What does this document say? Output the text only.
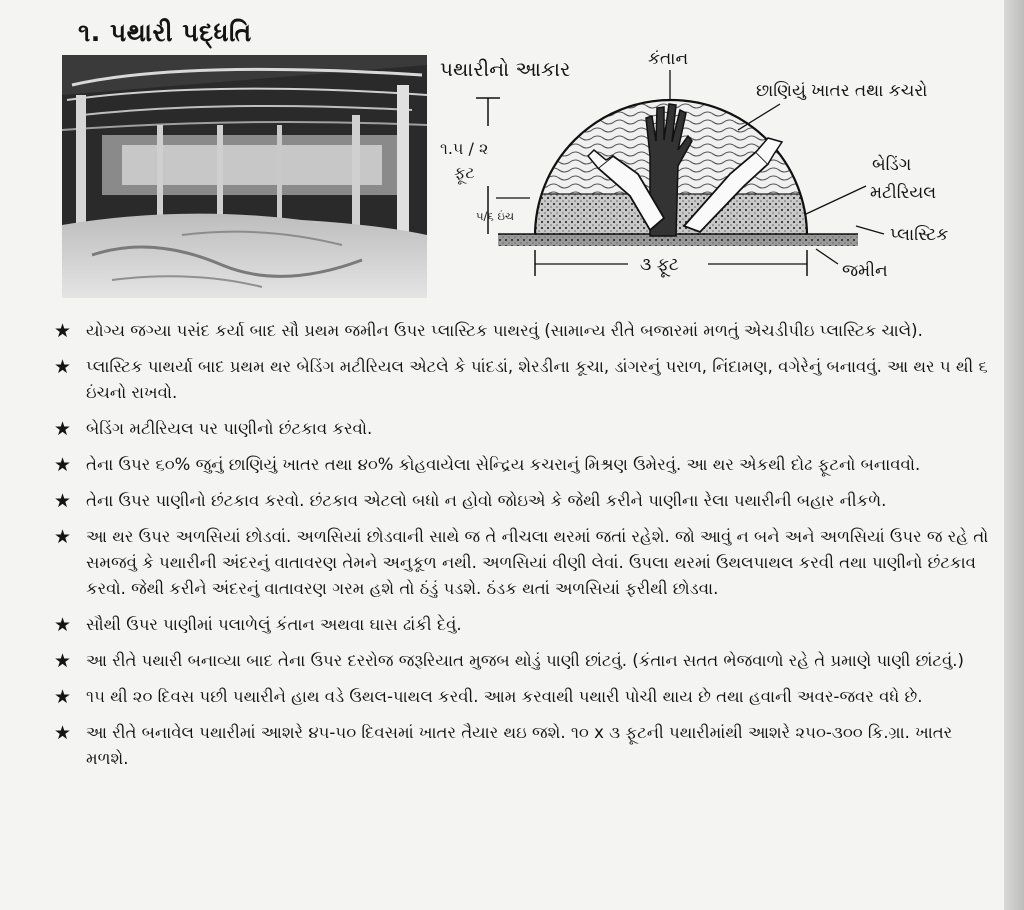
૧. પથારી પદ્ધતિ
પથારીનો આકાર	કંતાન
છાણિયું ખાતર તથા કચરો
બેડિંગ
મટીરિયલ
પ્લાસ્ટિક
જમીન
૧.૫ / ૨
ફૂટ
૫/૬ ઇંચ
૩ ફૂટ
★ યોગ્ય જગ્યા પસંદ કર્યા બાદ સૌ પ્રથમ જમીન ઉપર પ્લાસ્ટિક પાથરવું (સામાન્ય રીતે બજારમાં મળતું એચડીપીઇ પ્લાસ્ટિક ચાલે).
★ પ્લાસ્ટિક પાથર્યા બાદ પ્રથમ થર બેડિંગ મટીરિયલ એટલે કે પાંદડાં, શેરડીના કૂચા, ડાંગરનું પરાળ, નિંદામણ, વગેરેનું બનાવવું. આ થર ૫ થી ૬ ઇંચનો રાખવો.
★ બેડિંગ મટીરિયલ પર પાણીનો છંટકાવ કરવો.
★ તેના ઉપર ૬૦% જુનું છાણિયું ખાતર તથા ૪૦% કોહવાયેલા સેન્દ્રિય કચરાનું મિશ્રણ ઉમેરવું. આ થર એકથી દોઢ ફૂટનો બનાવવો.
★ તેના ઉપર પાણીનો છંટકાવ કરવો. છંટકાવ એટલો બધો ન હોવો જોઇએ કે જેથી કરીને પાણીના રેલા પથારીની બહાર નીકળે.
★ આ થર ઉપર અળસિયાં છોડવાં. અળસિયાં છોડવાની સાથે જ તે નીચલા થરમાં જતાં રહેશે. જો આવું ન બને અને અળસિયાં ઉપર જ રહે તો સમજવું કે પથારીની અંદરનું વાતાવરણ તેમને અનુકૂળ નથી. અળસિયાં વીણી લેવાં. ઉપલા થરમાં ઉથલપાથલ કરવી તથા પાણીનો છંટકાવ કરવો. જેથી કરીને અંદરનું વાતાવરણ ગરમ હશે તો ઠંડું પડશે. ઠંડક થતાં અળસિયાં ફરીથી છોડવા.
★ સૌથી ઉપર પાણીમાં પલાળેલું કંતાન અથવા ઘાસ ઢાંકી દેવું.
★ આ રીતે પથારી બનાવ્યા બાદ તેના ઉપર દરરોજ જરૂરિયાત મુજબ થોડું પાણી છાંટવું. (કંતાન સતત ભેજવાળો રહે તે પ્રમાણે પાણી છાંટવું.)
★ ૧૫ થી ૨૦ દિવસ પછી પથારીને હાથ વડે ઉથલ-પાથલ કરવી. આમ કરવાથી પથારી પોચી થાય છે તથા હવાની અવર-જવર વધે છે.
★ આ રીતે બનાવેલ પથારીમાં આશરે ૪૫-૫૦ દિવસમાં ખાતર તૈયાર થઇ જશે. ૧૦ x ૩ ફૂટની પથારીમાંથી આશરે ૨૫૦-૩૦૦ કિ.ગ્રા. ખાતર મળશે.
